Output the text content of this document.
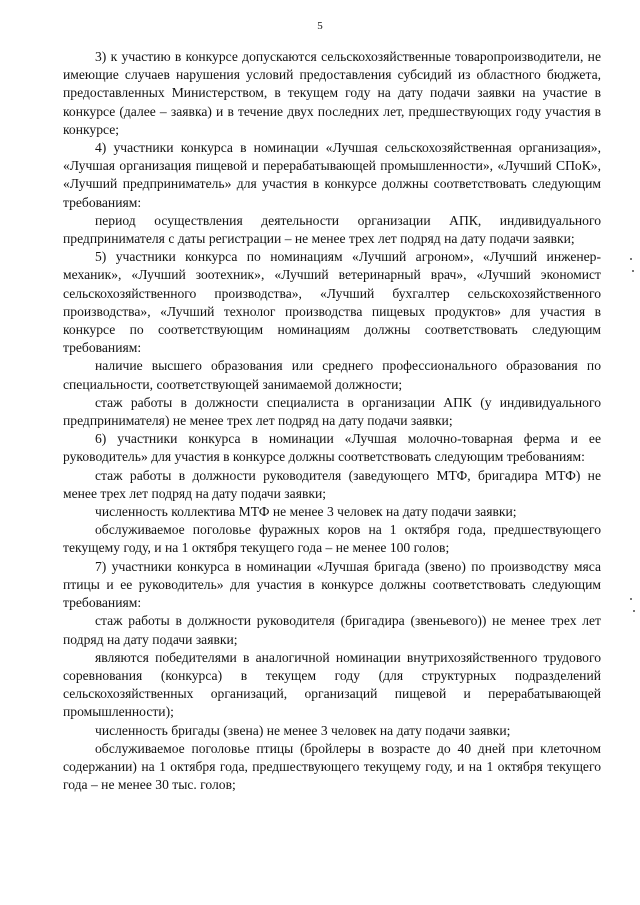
5

3) к участию в конкурсе допускаются сельскохозяйственные товаропроизводители, не имеющие случаев нарушения условий предоставления субсидий из областного бюджета, предоставленных Министерством, в текущем году на дату подачи заявки на участие в конкурсе (далее – заявка) и в течение двух последних лет, предшествующих году участия в конкурсе;

4) участники конкурса в номинации «Лучшая сельскохозяйственная организация», «Лучшая организация пищевой и перерабатывающей промышленности», «Лучший СПоК», «Лучший предприниматель» для участия в конкурсе должны соответствовать следующим требованиям:

период осуществления деятельности организации АПК, индивидуального предпринимателя с даты регистрации – не менее трех лет подряд на дату подачи заявки;

5) участники конкурса по номинациям «Лучший агроном», «Лучший инженер-механик», «Лучший зоотехник», «Лучший ветеринарный врач», «Лучший экономист сельскохозяйственного производства», «Лучший бухгалтер сельскохозяйственного производства», «Лучший технолог производства пищевых продуктов» для участия в конкурсе по соответствующим номинациям должны соответствовать следующим требованиям:

наличие высшего образования или среднего профессионального образования по специальности, соответствующей занимаемой должности;

стаж работы в должности специалиста в организации АПК (у индивидуального предпринимателя) не менее трех лет подряд на дату подачи заявки;

6) участники конкурса в номинации «Лучшая молочно-товарная ферма и ее руководитель» для участия в конкурсе должны соответствовать следующим требованиям:

стаж работы в должности руководителя (заведующего МТФ, бригадира МТФ) не менее трех лет подряд на дату подачи заявки;

численность коллектива МТФ не менее 3 человек на дату подачи заявки;

обслуживаемое поголовье фуражных коров на 1 октября года, предшествующего текущему году, и на 1 октября текущего года – не менее 100 голов;

7) участники конкурса в номинации «Лучшая бригада (звено) по производству мяса птицы и ее руководитель» для участия в конкурсе должны соответствовать следующим требованиям:

стаж работы в должности руководителя (бригадира (звеньевого)) не менее трех лет подряд на дату подачи заявки;

являются победителями в аналогичной номинации внутрихозяйственного трудового соревнования (конкурса) в текущем году (для структурных подразделений сельскохозяйственных организаций, организаций пищевой и перерабатывающей промышленности);

численность бригады (звена) не менее 3 человек на дату подачи заявки;

обслуживаемое поголовье птицы (бройлеры в возрасте до 40 дней при клеточном содержании) на 1 октября года, предшествующего текущему году, и на 1 октября текущего года – не менее 30 тыс. голов;
